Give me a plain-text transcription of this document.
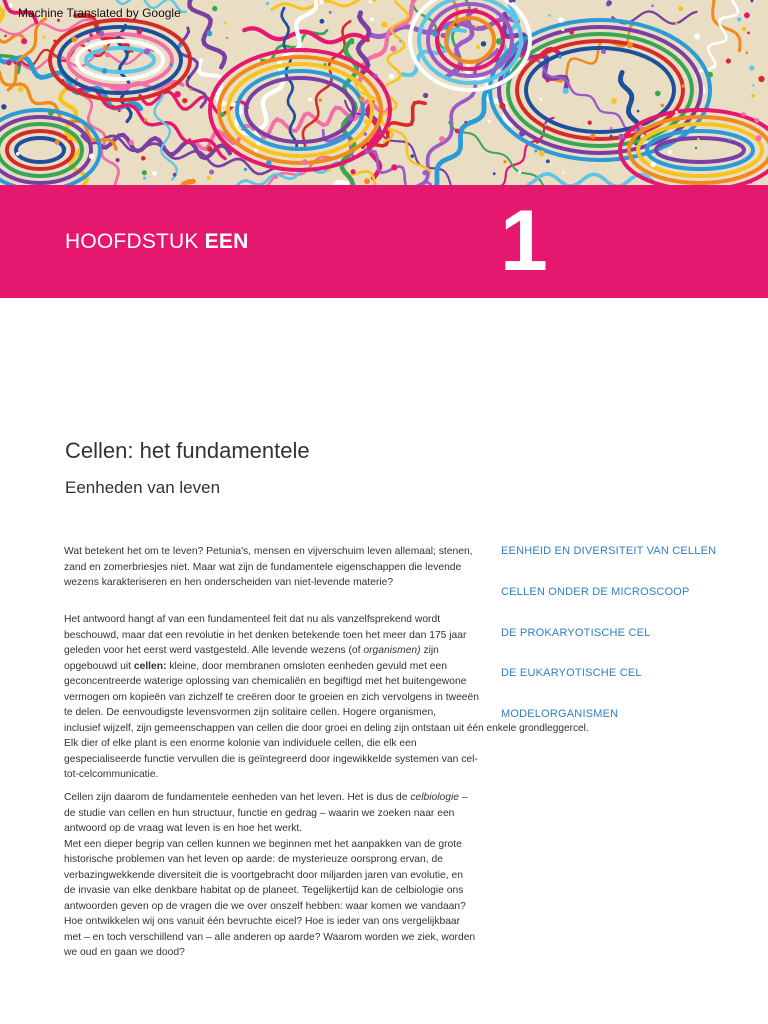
Machine Translated by Google
HOOFDSTUK EEN	1
Cellen: het fundamentele
Eenheden van leven
Wat betekent het om te leven? Petunia's, mensen en vijverschuim leven allemaal; stenen,
zand en zomerbriesjes niet. Maar wat zijn de fundamentele eigenschappen die levende
wezens karakteriseren en hen onderscheiden van niet-levende materie?
Het antwoord hangt af van een fundamenteel feit dat nu als vanzelfsprekend wordt
beschouwd, maar dat een revolutie in het denken betekende toen het meer dan 175 jaar
geleden voor het eerst werd vastgesteld. Alle levende wezens (of organismen) zijn
opgebouwd uit cellen: kleine, door membranen omsloten eenheden gevuld met een
geconcentreerde waterige oplossing van chemicaliën en begiftigd met het buitengewone
vermogen om kopieën van zichzelf te creëren door te groeien en zich vervolgens in tweeën
te delen. De eenvoudigste levensvormen zijn solitaire cellen. Hogere organismen,
inclusief wijzelf, zijn gemeenschappen van cellen die door groei en deling zijn ontstaan uit één enkele grondleggercel.
Elk dier of elke plant is een enorme kolonie van individuele cellen, die elk een
gespecialiseerde functie vervullen die is geïntegreerd door ingewikkelde systemen van cel-
tot-celcommunicatie.
Cellen zijn daarom de fundamentele eenheden van het leven. Het is dus de celbiologie –
de studie van cellen en hun structuur, functie en gedrag – waarin we zoeken naar een
antwoord op de vraag wat leven is en hoe het werkt.
Met een dieper begrip van cellen kunnen we beginnen met het aanpakken van de grote
historische problemen van het leven op aarde: de mysterieuze oorsprong ervan, de
verbazingwekkende diversiteit die is voortgebracht door miljarden jaren van evolutie, en
de invasie van elke denkbare habitat op de planeet. Tegelijkertijd kan de celbiologie ons
antwoorden geven op de vragen die we over onszelf hebben: waar komen we vandaan?
Hoe ontwikkelen wij ons vanuit één bevruchte eicel? Hoe is ieder van ons vergelijkbaar
met – en toch verschillend van – alle anderen op aarde? Waarom worden we ziek, worden
we oud en gaan we dood?
EENHEID EN DIVERSITEIT VAN CELLEN
CELLEN ONDER DE MICROSCOOP
DE PROKARYOTISCHE CEL
DE EUKARYOTISCHE CEL
MODELORGANISMEN
